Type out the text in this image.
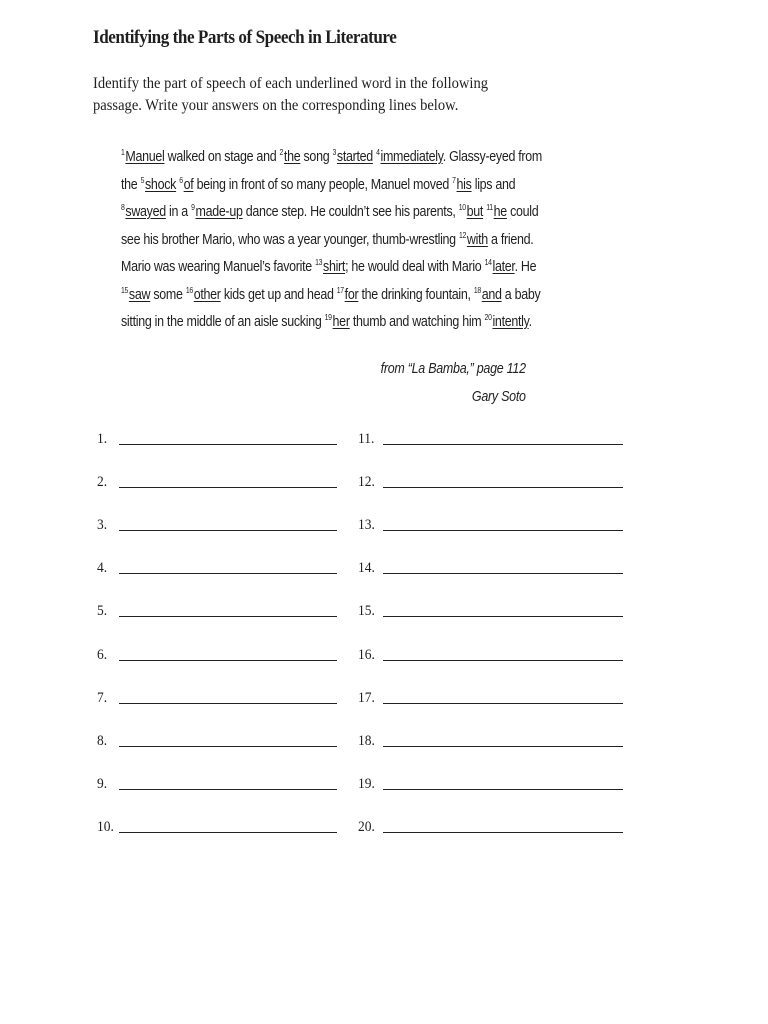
Identifying the Parts of Speech in Literature
Identify the part of speech of each underlined word in the following passage. Write your answers on the corresponding lines below.
$^1$Manuel walked on stage and $^2$the song $^3$started $^4$immediately. Glassy-eyed from
the $^5$shock $^6$of being in front of so many people, Manuel moved $^7$his lips and
$^8$swayed in a $^9$made-up dance step. He couldn’t see his parents, $^{10}$but $^{11}$he could
see his brother Mario, who was a year younger, thumb-wrestling $^{12}$with a friend.
Mario was wearing Manuel’s favorite $^{13}$shirt; he would deal with Mario $^{14}$later. He
$^{15}$saw some $^{16}$other kids get up and head $^{17}$for the drinking fountain, $^{18}$and a baby
sitting in the middle of an aisle sucking $^{19}$her thumb and watching him $^{20}$intently.
from “La Bamba,” page 112
Gary Soto
1.
2.
3.
4.
5.
6.
7.
8.
9.
10.
11.
12.
13.
14.
15.
16.
17.
18.
19.
20.
